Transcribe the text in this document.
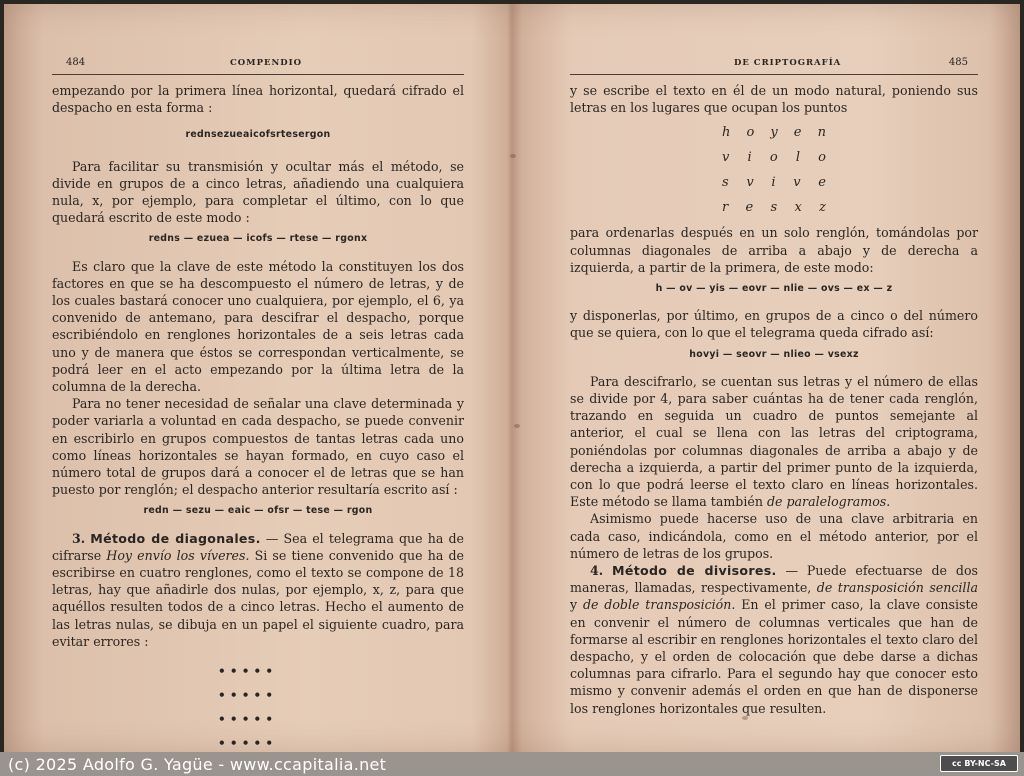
484	COMPENDIO

empezando por la primera línea horizontal, quedará cifrado el despacho en esta forma :

rednsezueaicofsrtesergon

Para facilitar su transmisión y ocultar más el método, se divide en grupos de a cinco letras, añadiendo una cualquiera nula, x, por ejemplo, para completar el último, con lo que quedará escrito de este modo :

redns — ezuea — icofs — rtese — rgonx

Es claro que la clave de este método la constituyen los dos factores en que se ha descompuesto el número de letras, y de los cuales bastará conocer uno cualquiera, por ejemplo, el 6, ya convenido de antemano, para descifrar el despacho, porque escribiéndolo en renglones horizontales de a seis letras cada uno y de manera que éstos se correspondan verticalmente, se podrá leer en el acto empezando por la última letra de la columna de la derecha.

Para no tener necesidad de señalar una clave determinada y poder variarla a voluntad en cada despacho, se puede convenir en escribirlo en grupos compuestos de tantas letras cada uno como líneas horizontales se hayan formado, en cuyo caso el número total de grupos dará a conocer el de letras que se han puesto por renglón; el despacho anterior resultaría escrito así :

redn — sezu — eaic — ofsr — tese — rgon

3. Método de diagonales. — Sea el telegrama que ha de cifrarse Hoy envío los víveres. Si se tiene convenido que ha de escribirse en cuatro renglones, como el texto se compone de 18 letras, hay que añadirle dos nulas, por ejemplo, x, z, para que aquéllos resulten todos de a cinco letras. Hecho el aumento de las letras nulas, se dibuja en un papel el siguiente cuadro, para evitar errores :

• • • • •
• • • • •
• • • • •
• • • • •
DE CRIPTOGRAFÍA	485

y se escribe el texto en él de un modo natural, poniendo sus letras en los lugares que ocupan los puntos

h o y e n
v i o l o
s v i v e
r e s x z

para ordenarlas después en un solo renglón, tomándolas por columnas diagonales de arriba a abajo y de derecha a izquierda, a partir de la primera, de este modo:

h — ov — yis — eovr — nlie — ovs — ex — z

y disponerlas, por último, en grupos de a cinco o del número que se quiera, con lo que el telegrama queda cifrado así:

hovyi — seovr — nlieo — vsexz

Para descifrarlo, se cuentan sus letras y el número de ellas se divide por 4, para saber cuántas ha de tener cada renglón, trazando en seguida un cuadro de puntos semejante al anterior, el cual se llena con las letras del criptograma, poniéndolas por columnas diagonales de arriba a abajo y de derecha a izquierda, a partir del primer punto de la izquierda, con lo que podrá leerse el texto claro en líneas horizontales. Este método se llama también de paralelogramos.

Asimismo puede hacerse uso de una clave arbitraria en cada caso, indicándola, como en el método anterior, por el número de letras de los grupos.

4. Método de divisores. — Puede efectuarse de dos maneras, llamadas, respectivamente, de transposición sencilla y de doble transposición. En el primer caso, la clave consiste en convenir el número de columnas verticales que han de formarse al escribir en renglones horizontales el texto claro del despacho, y el orden de colocación que debe darse a dichas columnas para cifrarlo. Para el segundo hay que conocer esto mismo y convenir además el orden en que han de disponerse los renglones horizontales que resulten.

(c) 2025 Adolfo G. Yagüe - www.ccapitalia.net	cc BY-NC-SA
